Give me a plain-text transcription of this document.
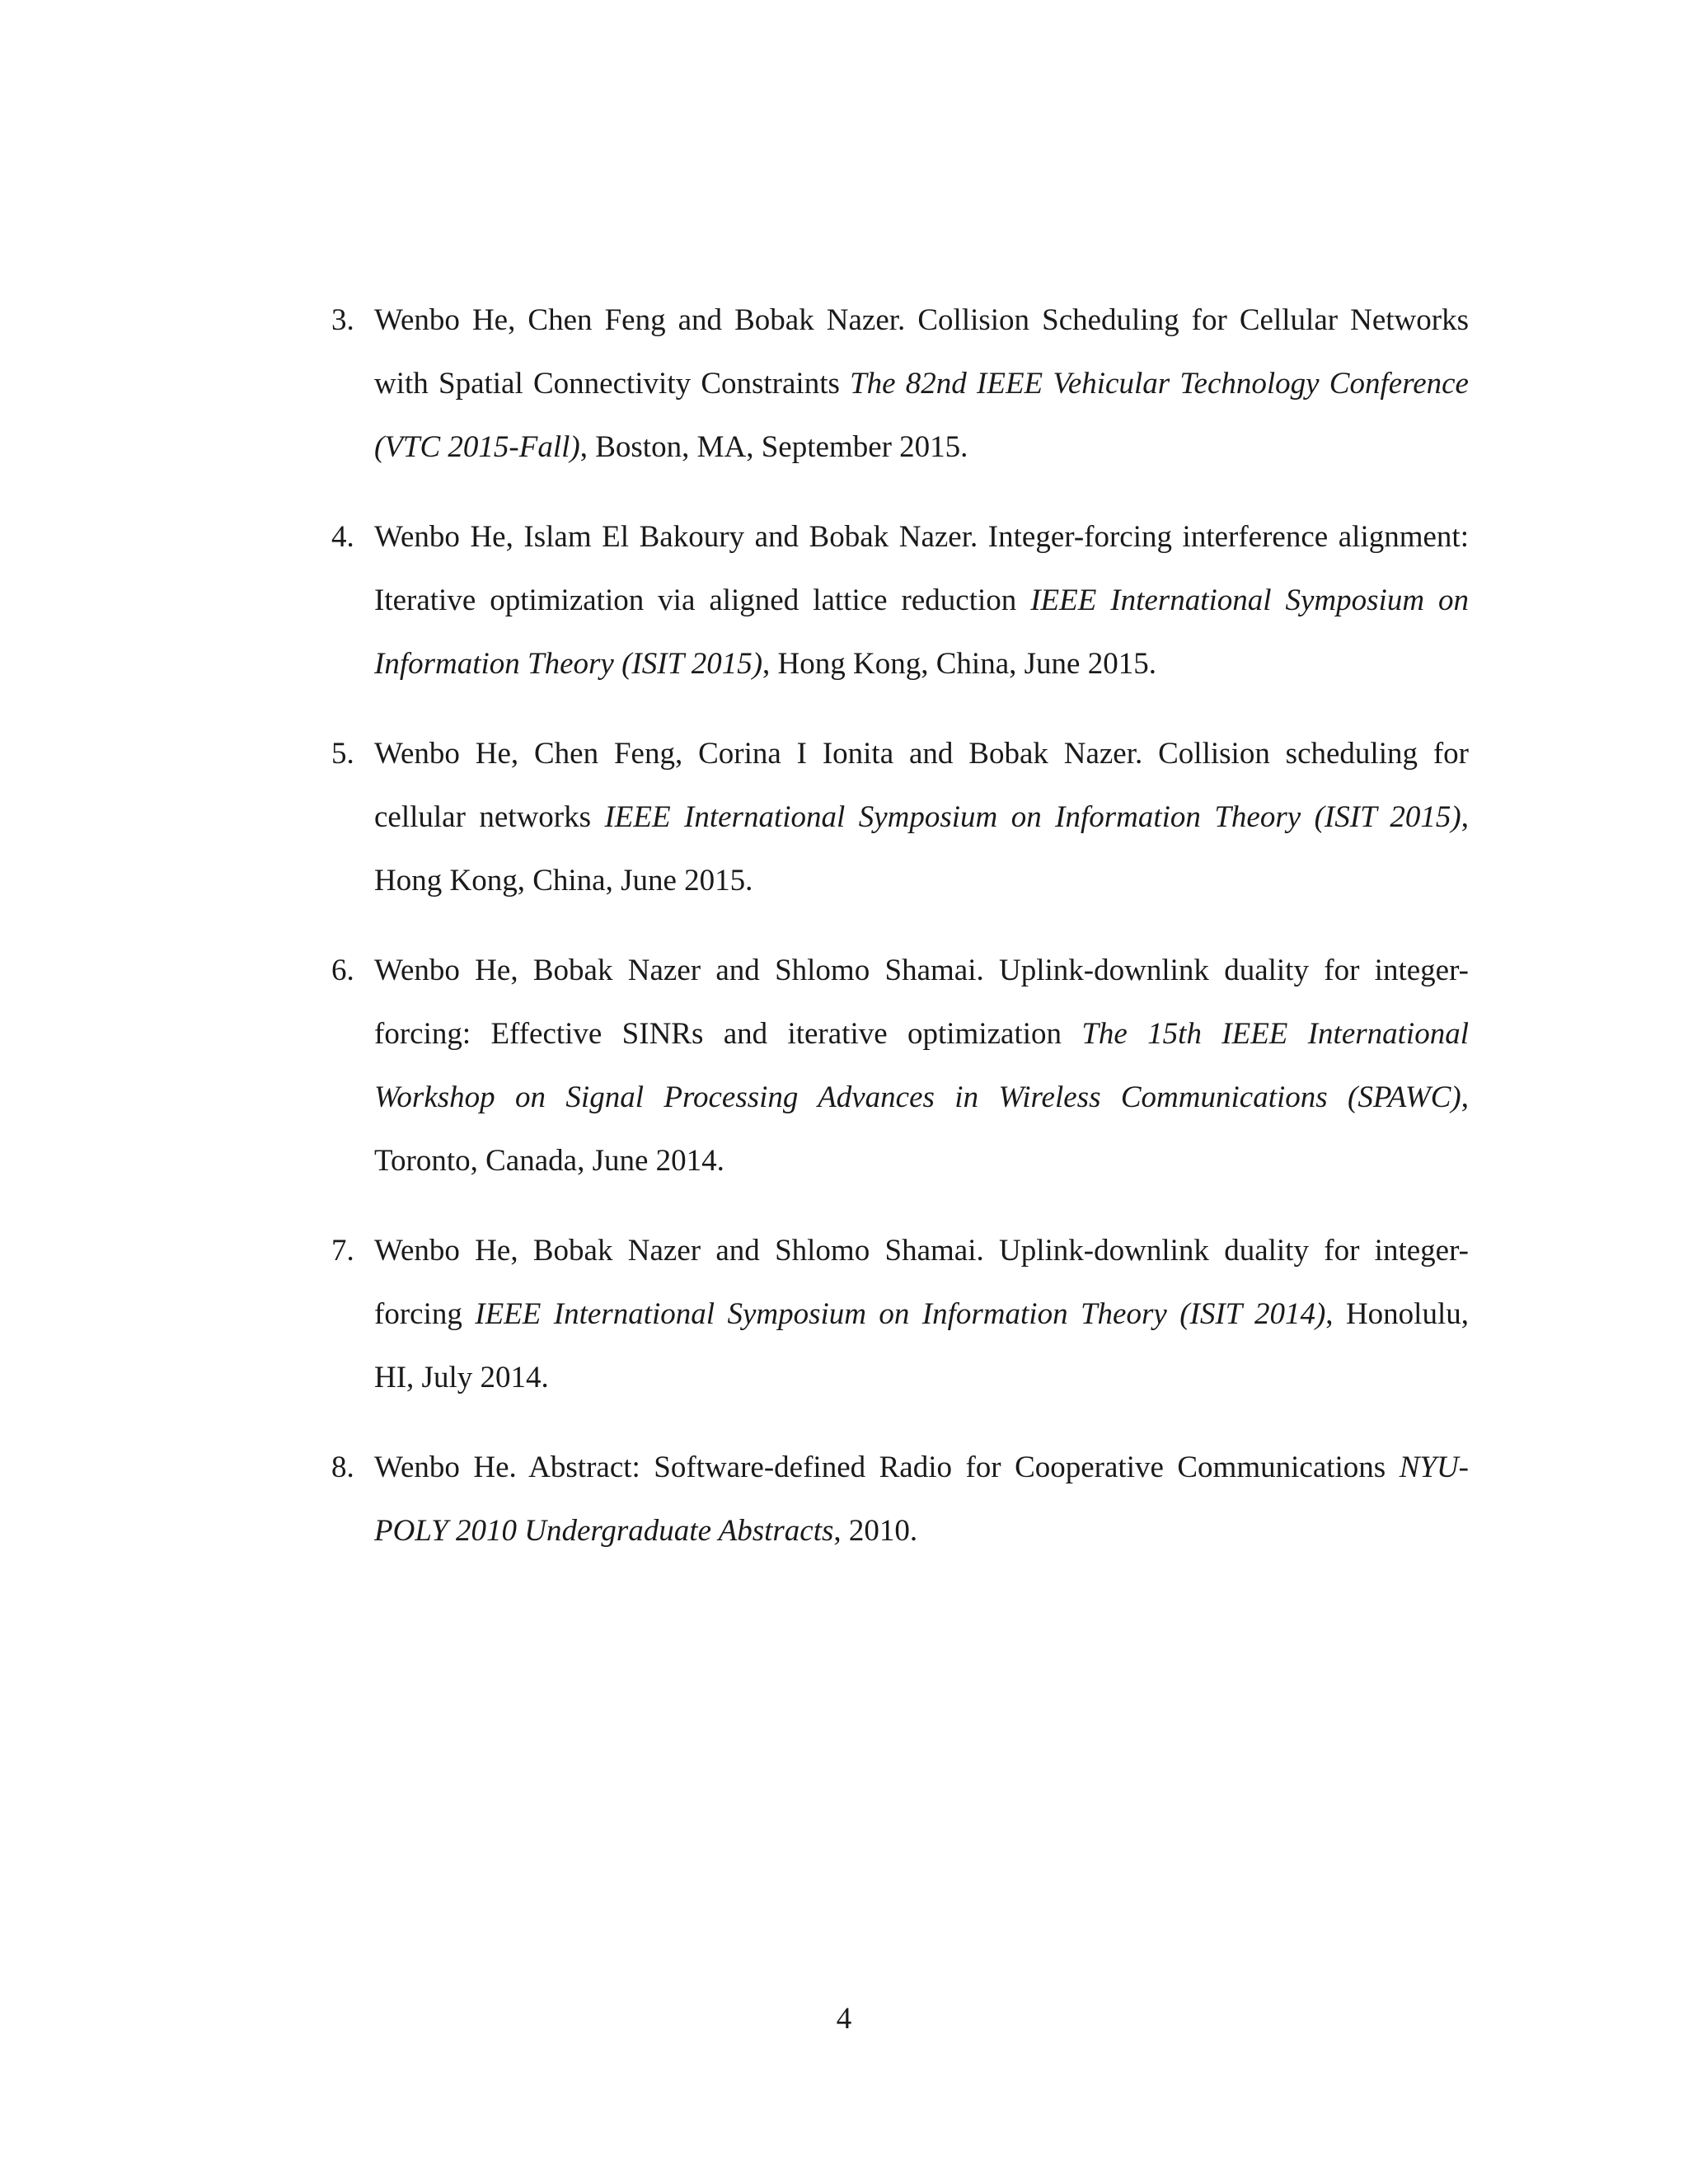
3. Wenbo He, Chen Feng and Bobak Nazer. Collision Scheduling for Cellular Networks with Spatial Connectivity Constraints The 82nd IEEE Vehicular Technology Conference (VTC 2015-Fall), Boston, MA, September 2015.
4. Wenbo He, Islam El Bakoury and Bobak Nazer. Integer-forcing interference alignment: Iterative optimization via aligned lattice reduction IEEE International Symposium on Information Theory (ISIT 2015), Hong Kong, China, June 2015.
5. Wenbo He, Chen Feng, Corina I Ionita and Bobak Nazer. Collision scheduling for cellular networks IEEE International Symposium on Information Theory (ISIT 2015), Hong Kong, China, June 2015.
6. Wenbo He, Bobak Nazer and Shlomo Shamai. Uplink-downlink duality for integer-forcing: Effective SINRs and iterative optimization The 15th IEEE International Workshop on Signal Processing Advances in Wireless Communications (SPAWC), Toronto, Canada, June 2014.
7. Wenbo He, Bobak Nazer and Shlomo Shamai. Uplink-downlink duality for integer-forcing IEEE International Symposium on Information Theory (ISIT 2014), Honolulu, HI, July 2014.
8. Wenbo He. Abstract: Software-defined Radio for Cooperative Communications NYU-POLY 2010 Undergraduate Abstracts, 2010.
4
